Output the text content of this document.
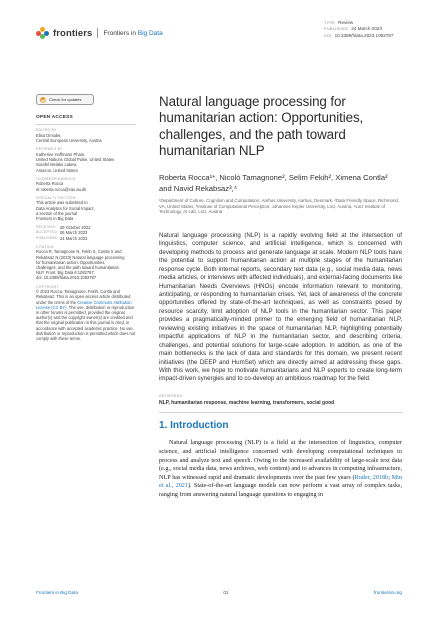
frontiers Frontiers in Big Data
TYPE Review
PUBLISHED 24 March 2023
DOI 10.3389/fdata.2023.1082787
Check for updates
OPEN ACCESS
EDITED BY
Elisa Omodei,
Central European University, Austria
REVIEWED BY
Katherine Hoffmann Pham,
United Nations Global Pulse, United States
Surafel Melaku Lakew,
Amazon, United States
*CORRESPONDENCE
Roberta Rocca
✉ roberta.rocca@cas.au.dk
SPECIALTY SECTION
This article was submitted to
Data Analytics for Social Impact,
a section of the journal
Frontiers in Big Data
RECEIVED	28 October 2022
ACCEPTED 06 March 2023
PUBLISHED 24 March 2023
CITATION
Rocca R, Tamagnone N, Fekih S, Contla X and
Rekabsaz N (2023) Natural language processing
for humanitarian action: Opportunities,
challenges, and the path toward humanitarian
NLP. Front. Big Data 6:1082787.
doi: 10.3389/fdata.2023.1082787
COPYRIGHT
© 2023 Rocca, Tamagnone, Fekih, Contla and Rekabsaz. This is an open-access article distributed under the terms of the Creative Commons Attribution License (CC BY). The use, distribution or reproduction in other forums is permitted, provided the original author(s) and the copyright owner(s) are credited and that the original publication in this journal is cited, in accordance with accepted academic practice. No use, distribution or reproduction is permitted which does not comply with these terms.
Natural language processing for humanitarian action: Opportunities, challenges, and the path toward humanitarian NLP
Roberta Rocca¹*, Nicolò Tamagnone², Selim Fekih², Ximena Contla² and Navid Rekabsaz³,⁴
¹Department of Culture, Cognition and Computation, Aarhus University, Aarhus, Denmark, ²Data Friendly Space, Richmond, VA, United States, ³Institute of Computational Perception, Johannes Kepler University, Linz, Austria, ⁴Linz Institute of Technology, AI Lab, Linz, Austria

Natural language processing (NLP) is a rapidly evolving field at the intersection of linguistics, computer science, and artificial intelligence, which is concerned with developing methods to process and generate language at scale. Modern NLP tools have the potential to support humanitarian action at multiple stages of the humanitarian response cycle. Both internal reports, secondary text data (e.g., social media data, news media articles, or interviews with affected individuals), and external-facing documents like Humanitarian Needs Overviews (HNOs) encode information relevant to monitoring, anticipating, or responding to humanitarian crises. Yet, lack of awareness of the concrete opportunities offered by state-of-the-art techniques, as well as constraints posed by resource scarcity, limit adoption of NLP tools in the humanitarian sector. This paper provides a pragmatically-minded primer to the emerging field of humanitarian NLP, reviewing existing initiatives in the space of humanitarian NLP, highlighting potentially impactful applications of NLP in the humanitarian sector, and describing criteria, challenges, and potential solutions for large-scale adoption. In addition, as one of the main bottlenecks is the lack of data and standards for this domain, we present recent initiatives (the DEEP and HumSet) which are directly aimed at addressing these gaps. With this work, we hope to motivate humanitarians and NLP experts to create long-term impact-driven synergies and to co-develop an ambitious roadmap for the field.

KEYWORDS
NLP, humanitarian response, machine learning, transformers, social good
1. Introduction

Natural language processing (NLP) is a field at the intersection of linguistics, computer science, and artificial intelligence concerned with developing computational techniques to process and analyze text and speech. Owing to the increased availability of large-scale text data (e.g., social media data, news archives, web content) and to advances in computing infrastructure, NLP has witnessed rapid and dramatic developments over the past few years (Ruder, 2018b; Min et al., 2021). State-of-the-art language models can now perform a vast array of complex tasks, ranging from answering natural language questions to engaging in

Frontiers in Big Data	01	frontiersin.org
